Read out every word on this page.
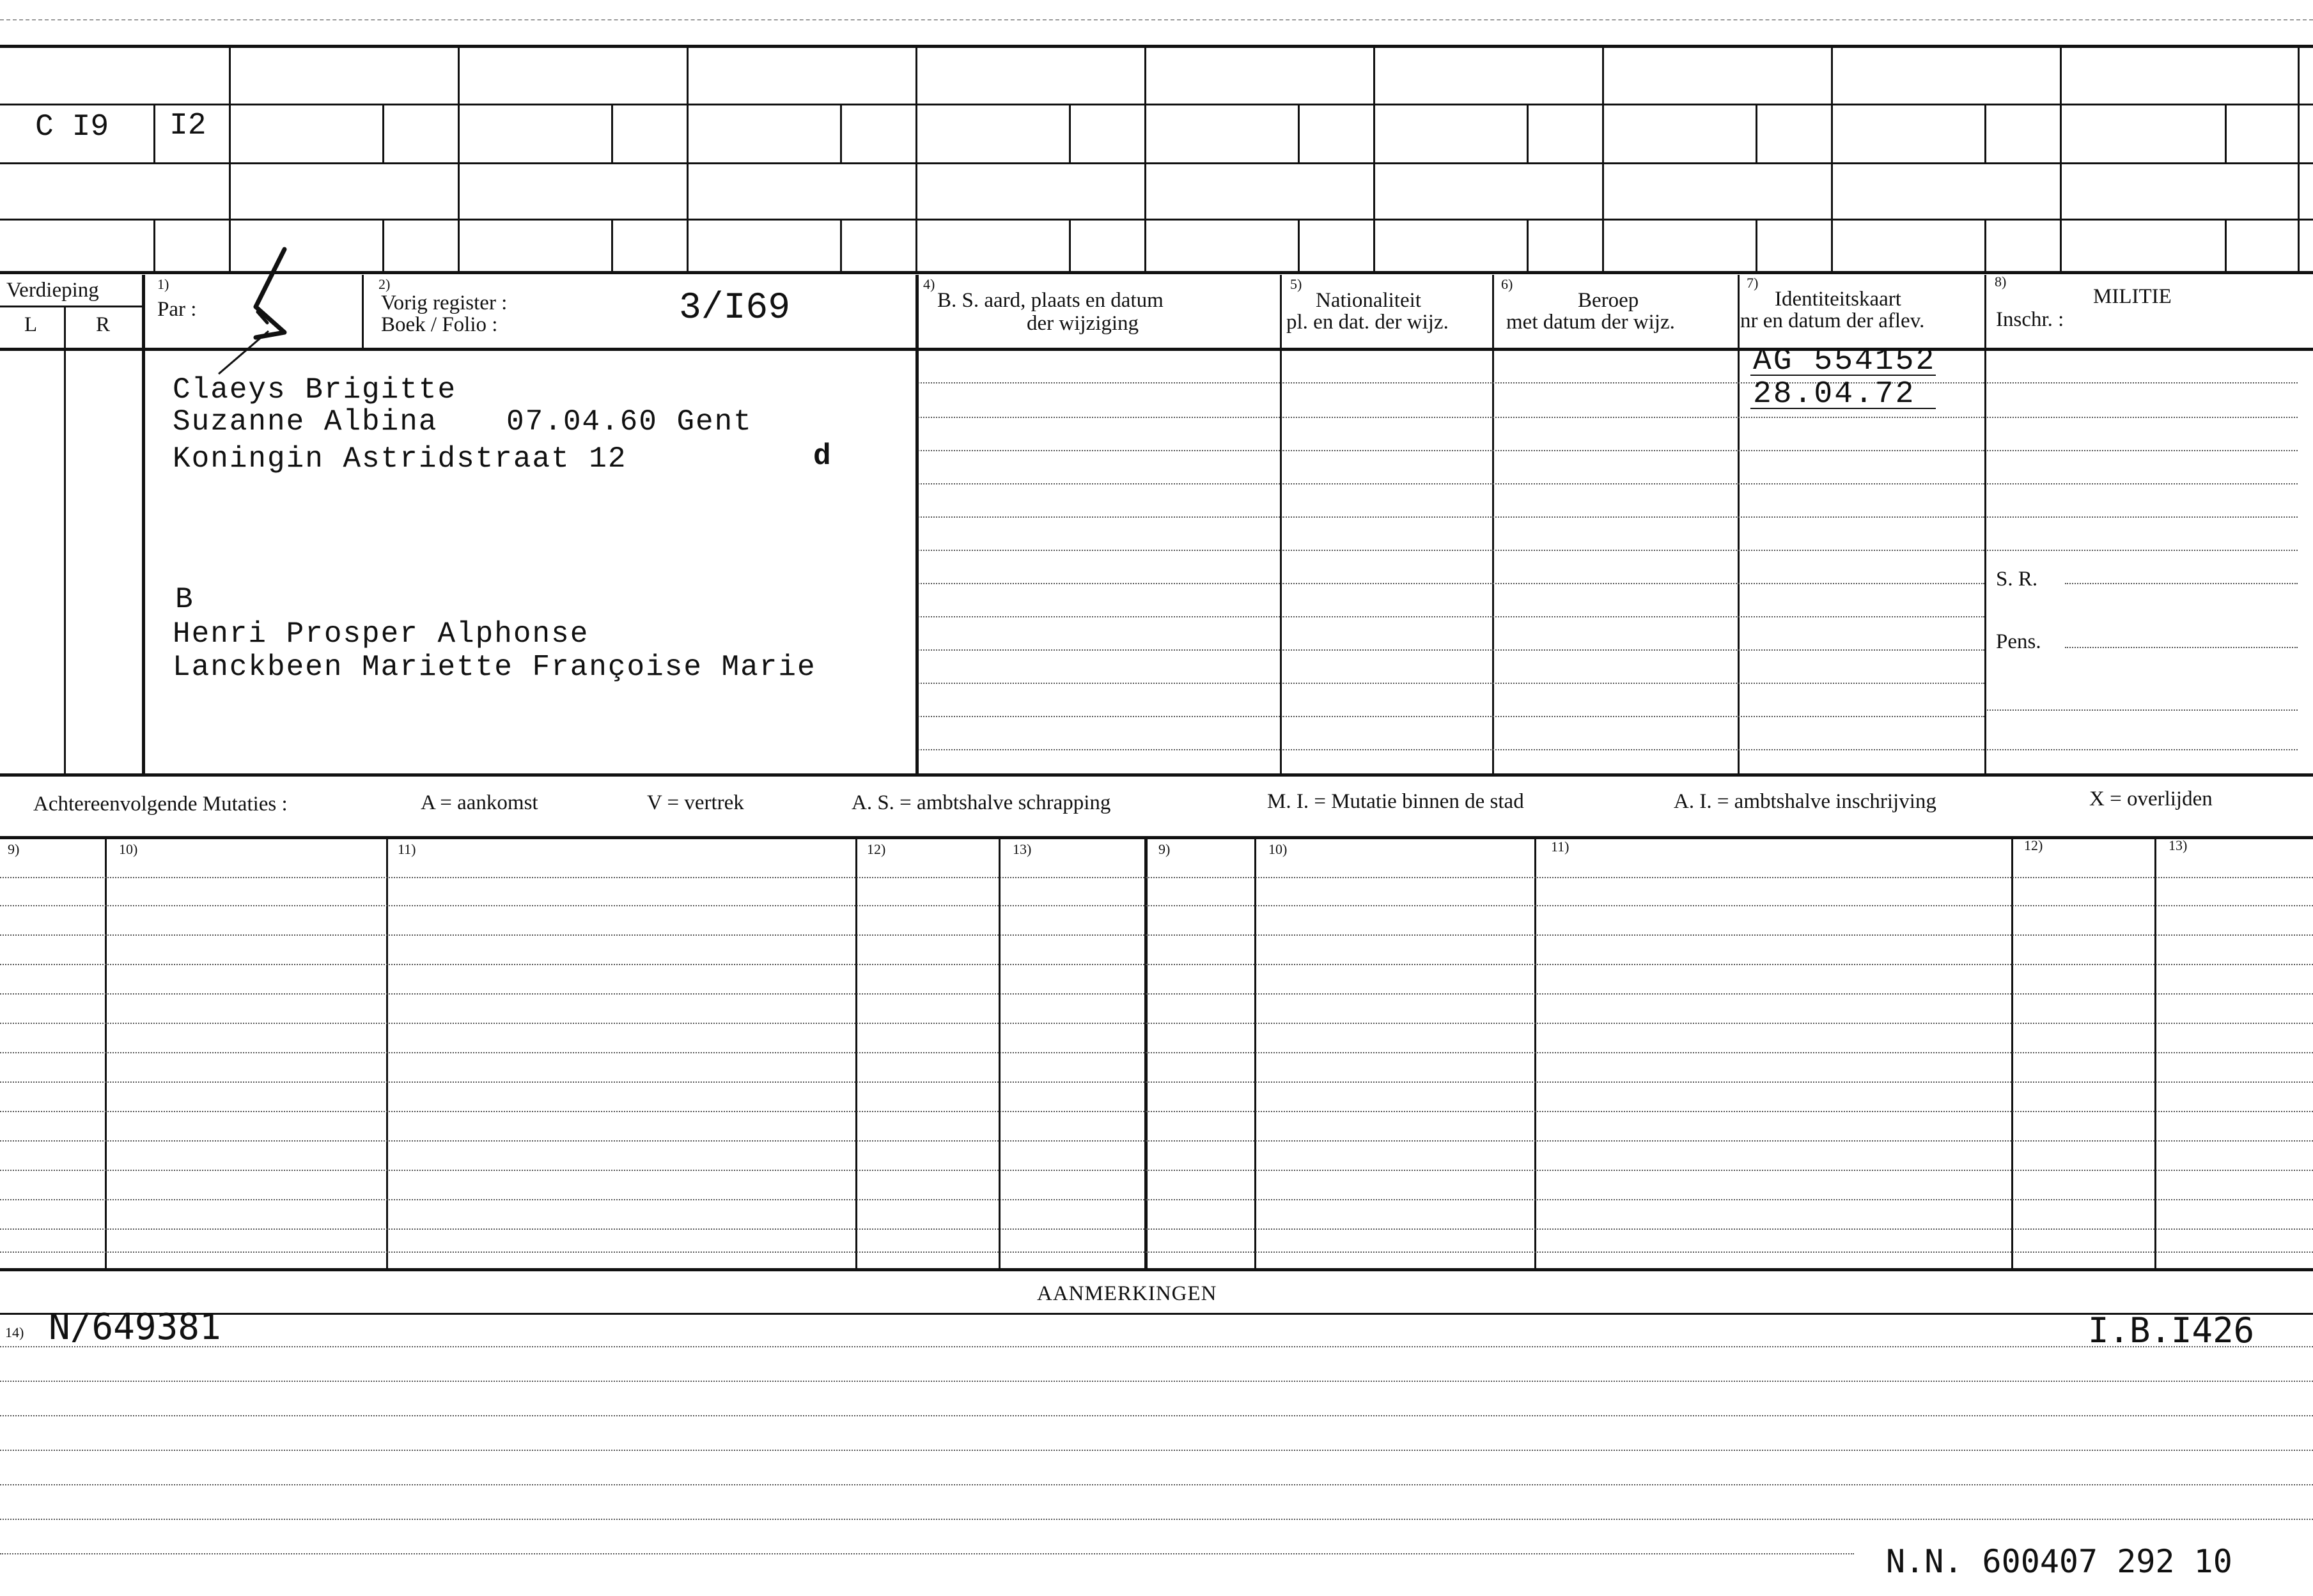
C I9 I2
Verdieping
L	R
1)
Par :
2)
Vorig register :
Boek / Folio :	3/I69
4)
B. S. aard, plaats en datum
der wijziging
5)
Nationaliteit
pl. en dat. der wijz.
6)
Beroep
met datum der wijz.
7)
Identiteitskaart
nr en datum der aflev.
8)
MILITIE
Inschr. :
Claeys Brigitte
Suzanne Albina 07.04.60 Gent
Koningin Astridstraat 12	d
B
Henri Prosper Alphonse
Lanckbeen Mariette Françoise Marie
AG 554152
28.04.72
S. R.
Pens.
Achtereenvolgende Mutaties :	A = aankomst	V = vertrek	A. S. = ambtshalve schrapping	M. I. = Mutatie binnen de stad	A. I. = ambtshalve inschrijving	X = overlijden
9)	10)	11)	12)	13)	9)	10)	11)	12)	13)
AANMERKINGEN
14) N/649381	I.B.I426
N.N. 600407 292 10
